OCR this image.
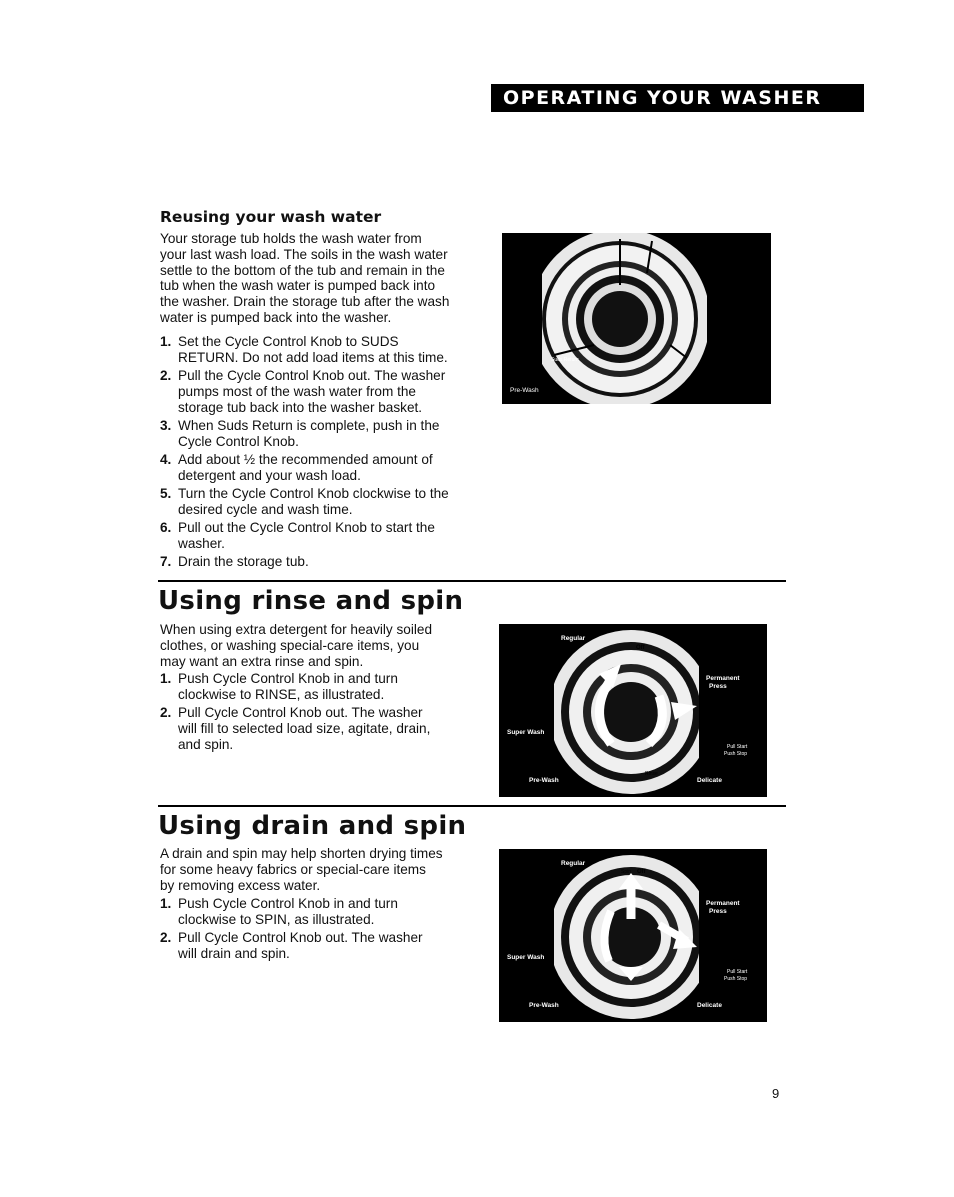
OPERATING YOUR WASHER
Reusing your wash water
Your storage tub holds the wash water from
your last wash load. The soils in the wash water
settle to the bottom of the tub and remain in the
tub when the wash water is pumped back into
the washer. Drain the storage tub after the wash
water is pumped back into the washer.
1. Set the Cycle Control Knob to SUDS
RETURN. Do not add load items at this time.
2. Pull the Cycle Control Knob out. The washer
pumps most of the wash water from the
storage tub back into the washer basket.
3. When Suds Return is complete, push in the
Cycle Control Knob.
4. Add about ½ the recommended amount of
detergent and your wash load.
5. Turn the Cycle Control Knob clockwise to the
desired cycle and wash time.
6. Pull out the Cycle Control Knob to start the
washer.
7. Drain the storage tub.
Suds Return
Pre-Wash
Using rinse and spin
When using extra detergent for heavily soiled
clothes, or washing special-care items, you
may want an extra rinse and spin.
1. Push Cycle Control Knob in and turn
clockwise to RINSE, as illustrated.
2. Pull Cycle Control Knob out. The washer
will fill to selected load size, agitate, drain,
and spin.
Regular
Off
Permanent
Press
Super Wash
Pull Start
Push Stop
Rinse
Pre-Wash	Delicate
Using drain and spin
A drain and spin may help shorten drying times
for some heavy fabrics or special-care items
by removing excess water.
1. Push Cycle Control Knob in and turn
clockwise to SPIN, as illustrated.
2. Pull Cycle Control Knob out. The washer
will drain and spin.
Regular
Spin Off
Permanent
Press
Super Wash
Pull Start
Push Stop
Pre-Wash	Delicate
9
